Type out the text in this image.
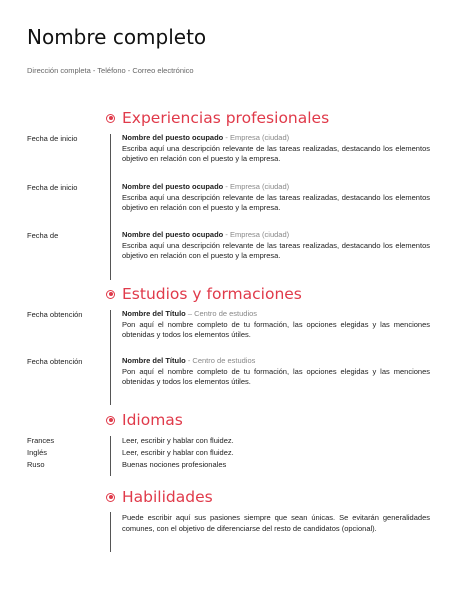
Nombre completo
Dirección completa - Teléfono - Correo electrónico
Experiencias profesionales
Fecha de inicio	Nombre del puesto ocupado - Empresa (ciudad)
Escriba aquí una descripción relevante de las tareas realizadas, destacando los elementos objetivo en relación con el puesto y la empresa.
Fecha de inicio	Nombre del puesto ocupado - Empresa (ciudad)
Escriba aquí una descripción relevante de las tareas realizadas, destacando los elementos objetivo en relación con el puesto y la empresa.
Fecha de	Nombre del puesto ocupado - Empresa (ciudad)
Escriba aquí una descripción relevante de las tareas realizadas, destacando los elementos objetivo en relación con el puesto y la empresa.
Estudios y formaciones
Fecha obtención	Nombre del Título – Centro de estudios
Pon aquí el nombre completo de tu formación, las opciones elegidas y las menciones obtenidas y todos los elementos útiles.
Fecha obtención	Nombre del Título - Centro de estudios
Pon aquí el nombre completo de tu formación, las opciones elegidas y las menciones obtenidas y todos los elementos útiles.
Idiomas
Frances	Leer, escribir y hablar con fluidez.
Inglés	Leer, escribir y hablar con fluidez.
Ruso	Buenas nociones profesionales
Habilidades
Puede escribir aquí sus pasiones siempre que sean únicas. Se evitarán generalidades comunes, con el objetivo de diferenciarse del resto de candidatos (opcional).
